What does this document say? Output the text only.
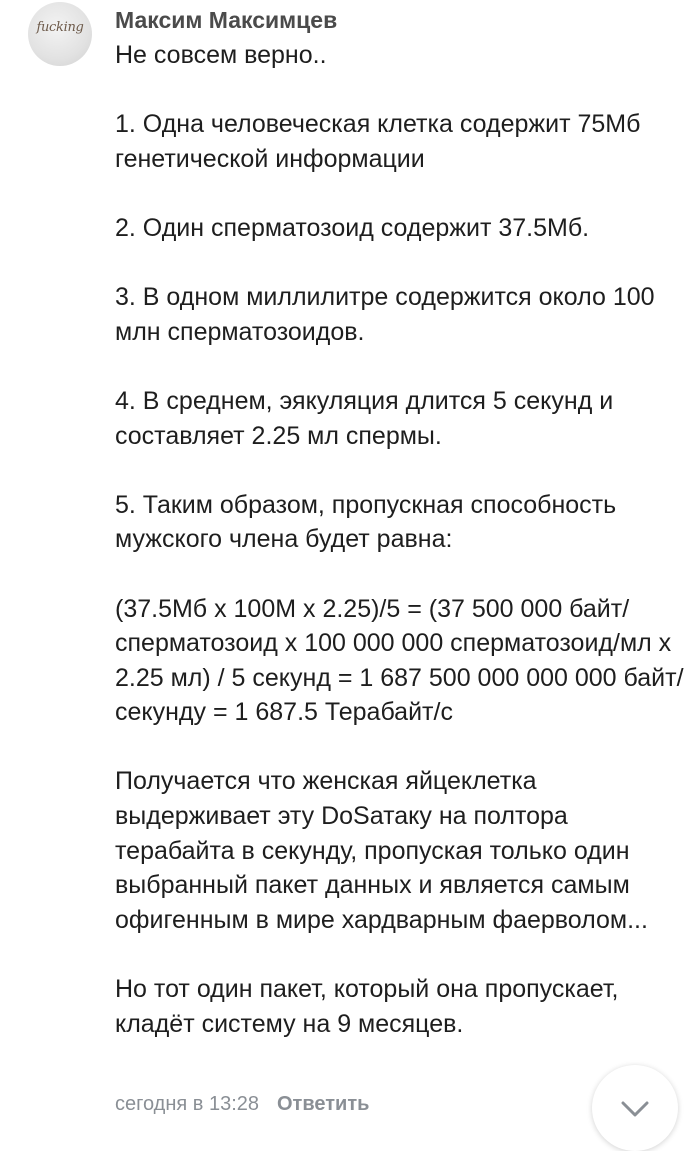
fucking	Максим Максимцев

Не совсем верно..

1. Одна человеческая клетка содержит 75Мб генетической информации

2. Один сперматозоид содержит 37.5Мб.

3. В одном миллилитре содержится около 100 млн сперматозоидов.

4. В среднем, эякуляция длится 5 секунд и составляет 2.25 мл спермы.

5. Таким образом, пропускная способность мужского члена будет равна:

(37.5Мб x 100M x 2.25)/5 = (37 500 000 байт/сперматозоид x 100 000 000 сперматозоид/мл x 2.25 мл) / 5 секунд = 1 687 500 000 000 000 байт/секунду = 1 687.5 Терабайт/с

Получается что женская яйцеклетка выдерживает эту DoSатаку на полтора терабайта в секунду, пропуская только один выбранный пакет данных и является самым офигенным в мире хардварным фаерволом...

Но тот один пакет, который она пропускает, кладёт систему на 9 месяцев.

сегодня в 13:28 Ответить
